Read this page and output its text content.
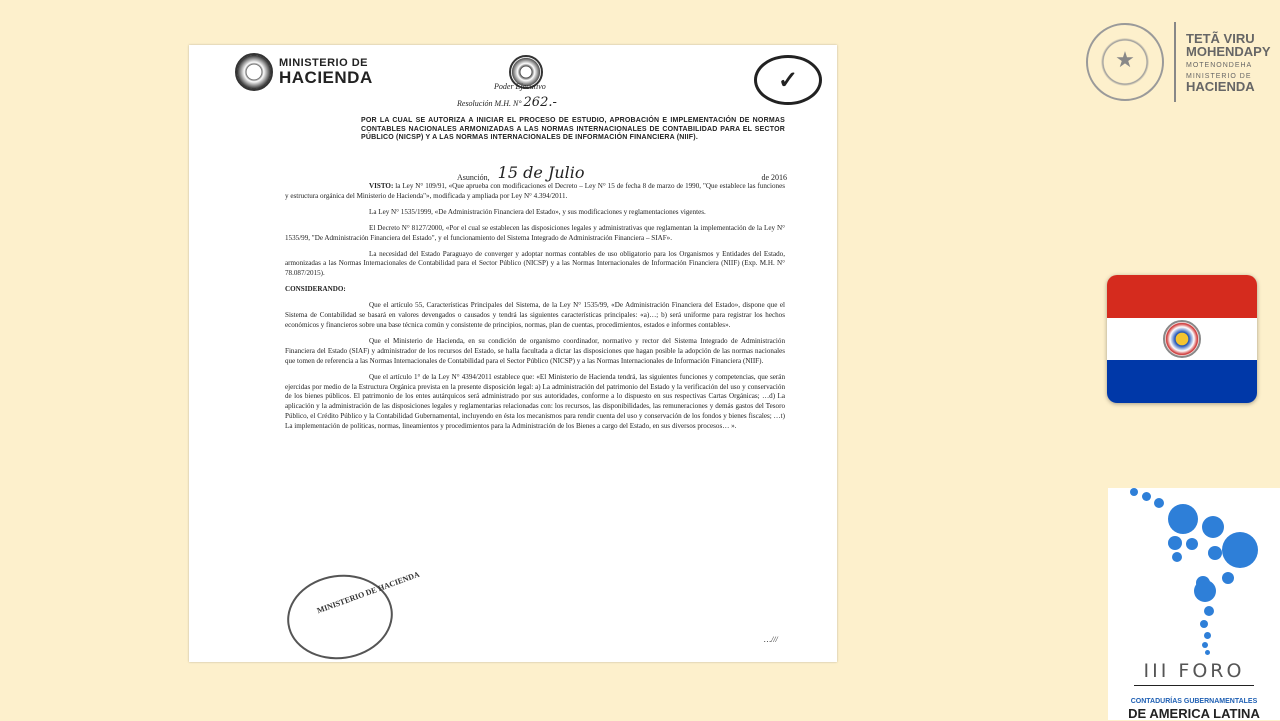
MINISTERIO DE
HACIENDA	Poder Ejecutivo
Resolución M.H. N° 262.-
✓
POR LA CUAL SE AUTORIZA A INICIAR EL PROCESO DE ESTUDIO, APROBACIÓN E IMPLEMENTACIÓN DE NORMAS CONTABLES NACIONALES ARMONIZADAS A LAS NORMAS INTERNACIONALES DE CONTABILIDAD PARA EL SECTOR PÚBLICO (NICSP) Y A LAS NORMAS INTERNACIONALES DE INFORMACIÓN FINANCIERA (NIIF).
Asunción, 15 de Julio	de 2016

VISTO: la Ley N° 109/91, «Que aprueba con modificaciones el Decreto – Ley N° 15 de fecha 8 de marzo de 1990, "Que establece las funciones y estructura orgánica del Ministerio de Hacienda"», modificada y ampliada por Ley N° 4.394/2011.

La Ley N° 1535/1999, «De Administración Financiera del Estado», y sus modificaciones y reglamentaciones vigentes.

El Decreto N° 8127/2000, «Por el cual se establecen las disposiciones legales y administrativas que reglamentan la implementación de la Ley N° 1535/99, "De Administración Financiera del Estado", y el funcionamiento del Sistema Integrado de Administración Financiera – SIAF».

La necesidad del Estado Paraguayo de converger y adoptar normas contables de uso obligatorio para los Organismos y Entidades del Estado, armonizadas a las Normas Internacionales de Contabilidad para el Sector Público (NICSP) y a las Normas Internacionales de Información Financiera (NIIF) (Exp. M.H. N° 78.087/2015).

CONSIDERANDO:

Que el artículo 55, Características Principales del Sistema, de la Ley N° 1535/99, «De Administración Financiera del Estado», dispone que el Sistema de Contabilidad se basará en valores devengados o causados y tendrá las siguientes características principales: «a)…; b) será uniforme para registrar los hechos económicos y financieros sobre una base técnica común y consistente de principios, normas, plan de cuentas, procedimientos, estados e informes contables».

Que el Ministerio de Hacienda, en su condición de organismo coordinador, normativo y rector del Sistema Integrado de Administración Financiera del Estado (SIAF) y administrador de los recursos del Estado, se halla facultada a dictar las disposiciones que hagan posible la adopción de las normas nacionales que tomen de referencia a las Normas Internacionales de Contabilidad para el Sector Público (NICSP) y a las Normas Internacionales de Información Financiera (NIIF).

Que el artículo 1° de la Ley N° 4394/2011 establece que: «El Ministerio de Hacienda tendrá, las siguientes funciones y competencias, que serán ejercidas por medio de la Estructura Orgánica prevista en la presente disposición legal: a) La administración del patrimonio del Estado y la verificación del uso y conservación de los bienes públicos. El patrimonio de los entes autárquicos será administrado por sus autoridades, conforme a lo dispuesto en sus respectivas Cartas Orgánicas; …d) La aplicación y la administración de las disposiciones legales y reglamentarias relacionadas con: los recursos, las disponibilidades, las remuneraciones y demás gastos del Tesoro Público, el Crédito Público y la Contabilidad Gubernamental, incluyendo en ésta los mecanismos para rendir cuenta del uso y conservación de los fondos y bienes fiscales; …t) La implementación de políticas, normas, lineamientos y procedimientos para la Administración de los Bienes a cargo del Estado, en sus diversos procesos… ».

MINISTERIO DE HACIENDA
…///
★
TETÃ VIRU
MOHENDAPY
MOTENONDEHA
MINISTERIO DE
HACIENDA
III FORO
CONTADURÍAS GUBERNAMENTALES
DE AMERICA LATINA
